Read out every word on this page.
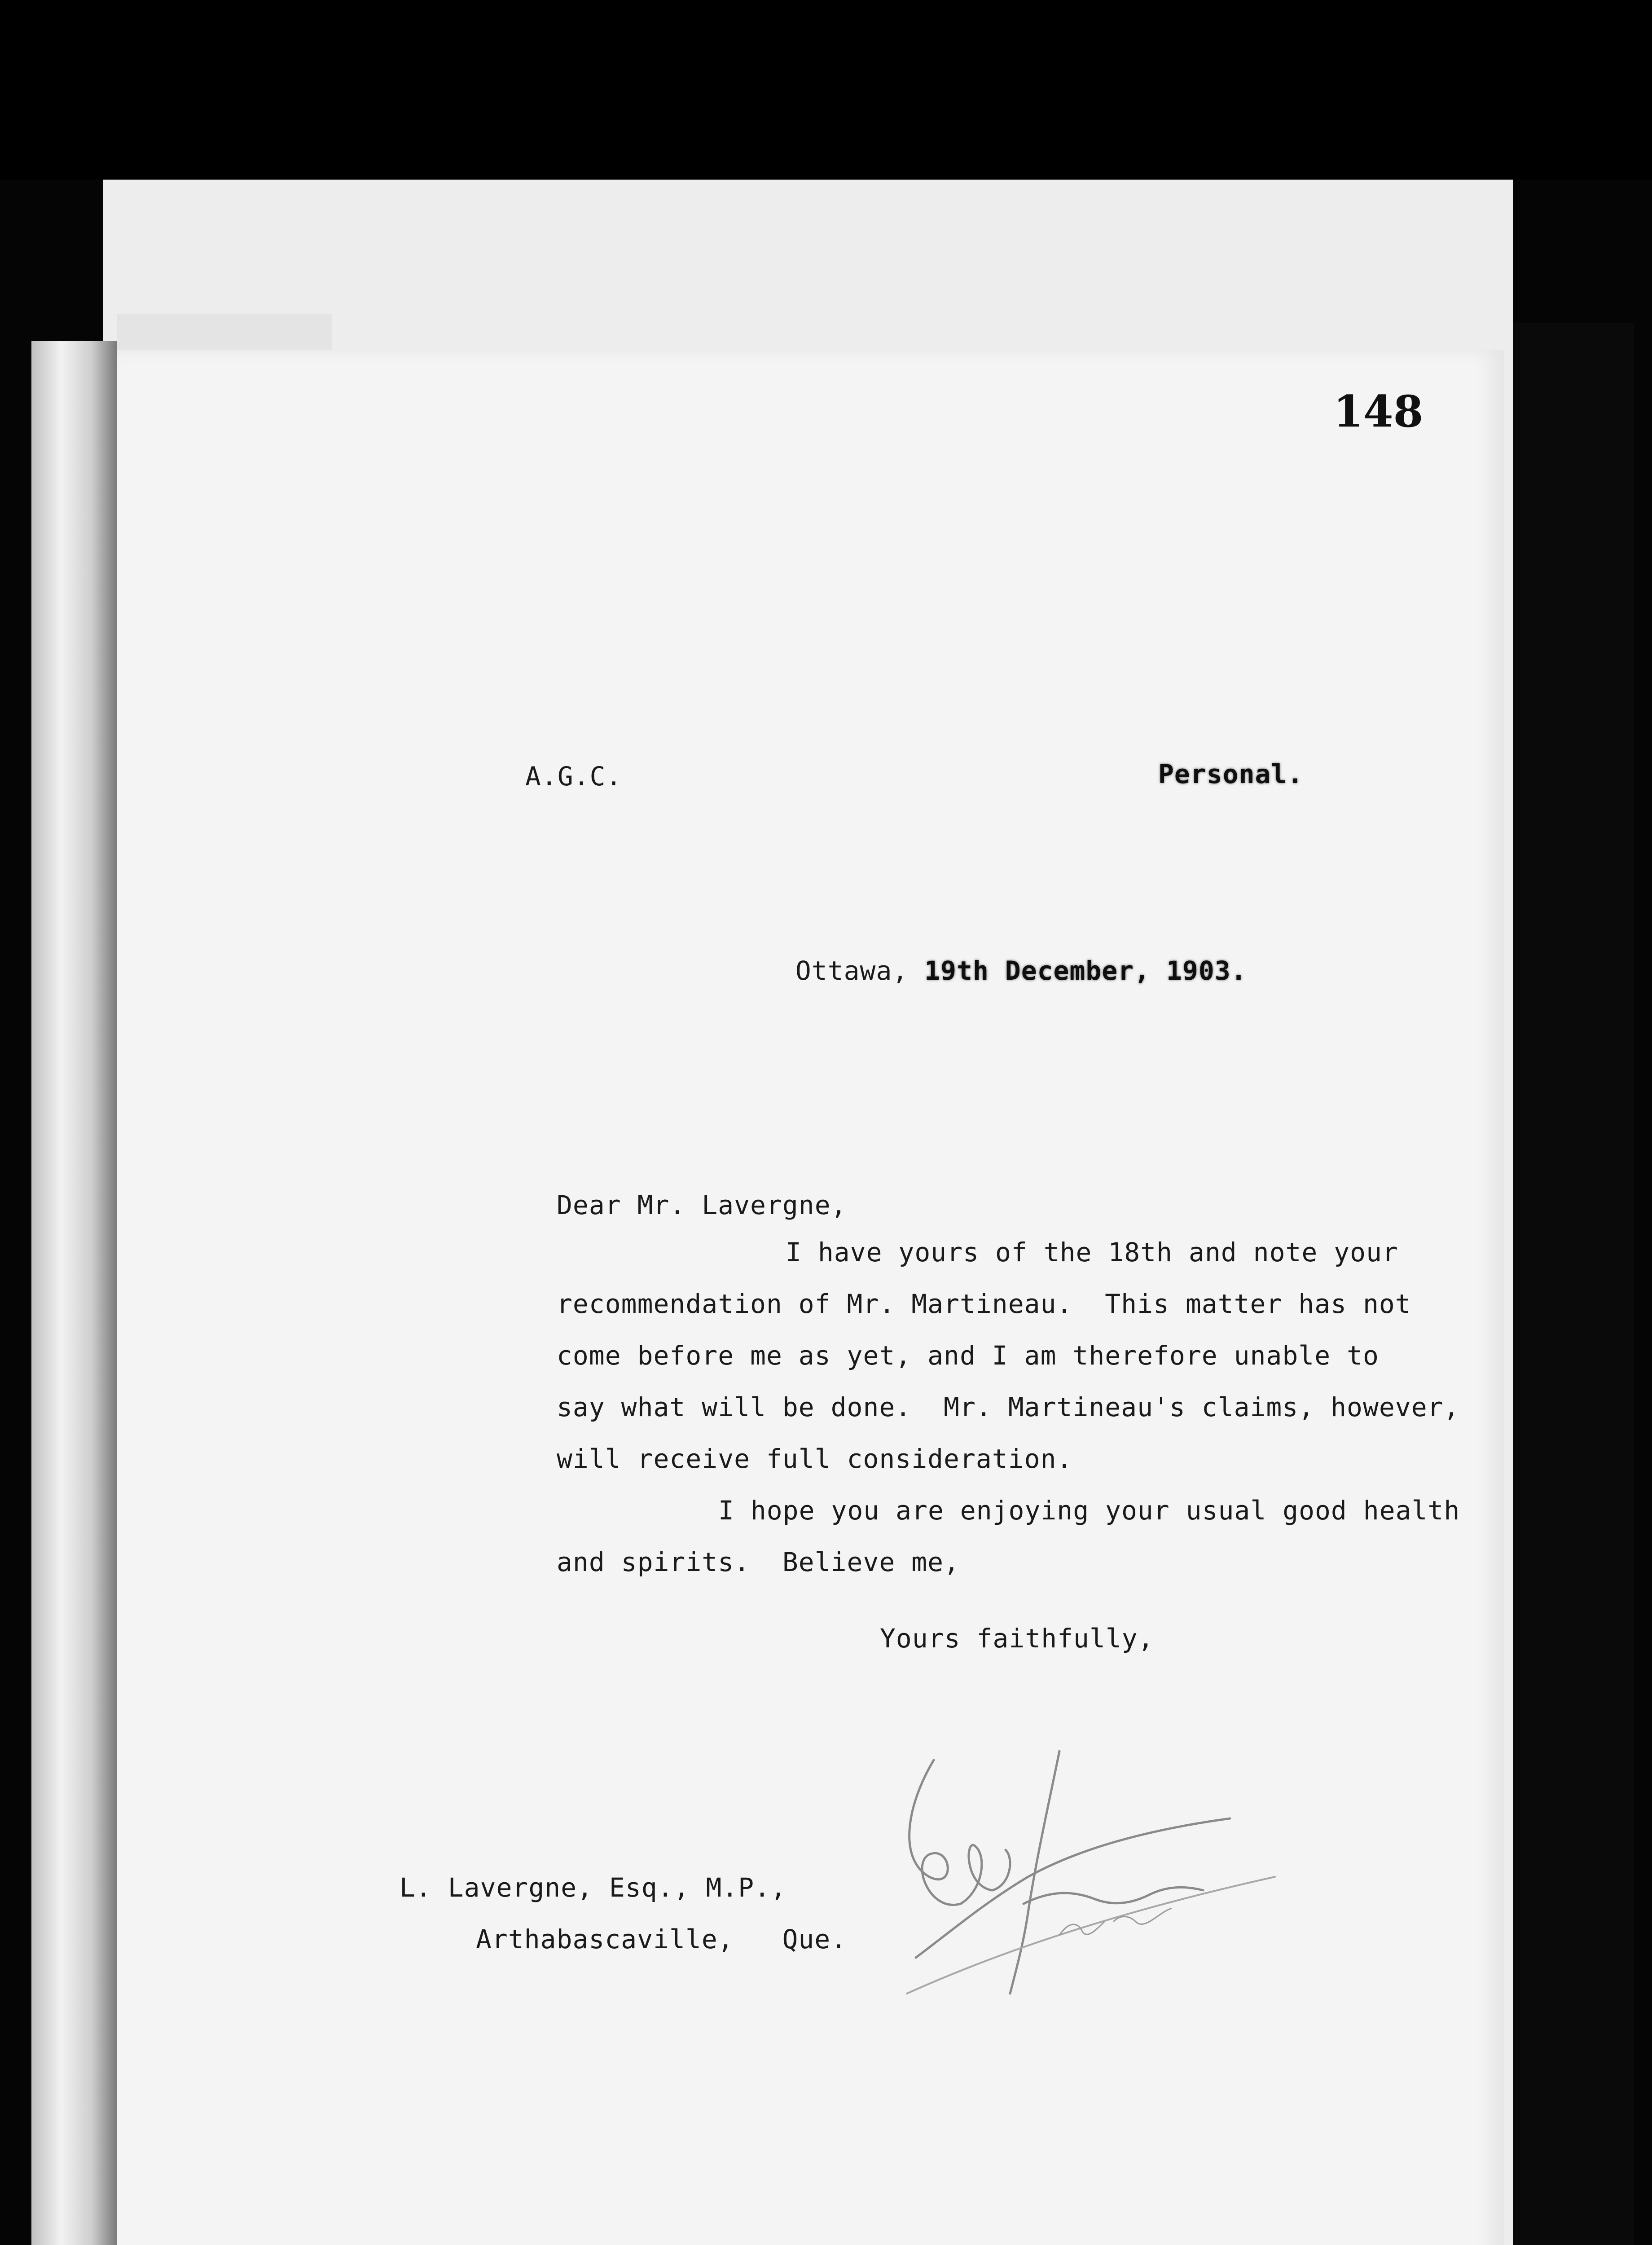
148
A.G.C.	Personal.

Ottawa, 19th December, 1903.

Dear Mr. Lavergne,
I have yours of the 18th and note your
recommendation of Mr. Martineau.  This matter has not
come before me as yet, and I am therefore unable to
say what will be done.  Mr. Martineau's claims, however,
will receive full consideration.
I hope you are enjoying your usual good health
and spirits.  Believe me,
Yours faithfully,
L. Lavergne, Esq., M.P.,
Arthabascaville,   Que.
